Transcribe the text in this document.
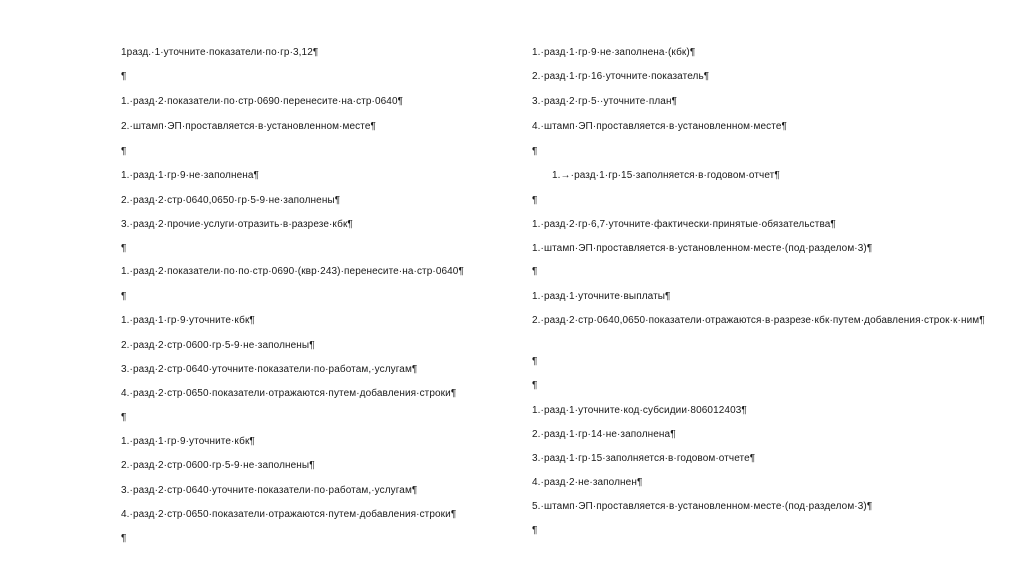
1разд.·1·уточните·показатели·по·гр·3,12¶
¶
1.·разд·2·показатели·по·стр·0690·перенесите·на·стр·0640¶
2.·штамп·ЭП·проставляется·в·установленном·месте¶
¶
1.·разд·1·гр·9·не·заполнена¶
2.·разд·2·стр·0640,0650·гр·5-9·не·заполнены¶
3.·разд·2·прочие·услуги·отразить·в·разрезе·кбк¶
¶
1.·разд·2·показатели·по·по·стр·0690·(квр·243)·перенесите·на·стр·0640¶
¶
1.·разд·1·гр·9·уточните·кбк¶
2.·разд·2·стр·0600·гр·5-9·не·заполнены¶
3.·разд·2·стр·0640·уточните·показатели·по·работам,·услугам¶
4.·разд·2·стр·0650·показатели·отражаются·путем·добавления·строки¶
¶
1.·разд·1·гр·9·уточните·кбк¶
2.·разд·2·стр·0600·гр·5-9·не·заполнены¶
3.·разд·2·стр·0640·уточните·показатели·по·работам,·услугам¶
4.·разд·2·стр·0650·показатели·отражаются·путем·добавления·строки¶
¶
1.·разд·1·гр·9·не·заполнена·(кбк)¶
2.·разд·1·гр·16·уточните·показатель¶
3.·разд·2·гр·5··уточните·план¶
4.·штамп·ЭП·проставляется·в·установленном·месте¶
¶
1.→·разд·1·гр·15·заполняется·в·годовом·отчет¶
¶
1.·разд·2·гр·6,7·уточните·фактически·принятые·обязательства¶
1.·штамп·ЭП·проставляется·в·установленном·месте·(под·разделом·3)¶
¶
1.·разд·1·уточните·выплаты¶
2.·разд·2·стр·0640,0650·показатели·отражаются·в·разрезе·кбк·путем·добавления·строк·к·ним¶
¶
¶
1.·разд·1·уточните·код·субсидии·806012403¶
2.·разд·1·гр·14·не·заполнена¶
3.·разд·1·гр·15·заполняется·в·годовом·отчете¶
4.·разд·2·не·заполнен¶
5.·штамп·ЭП·проставляется·в·установленном·месте·(под·разделом·3)¶
¶
